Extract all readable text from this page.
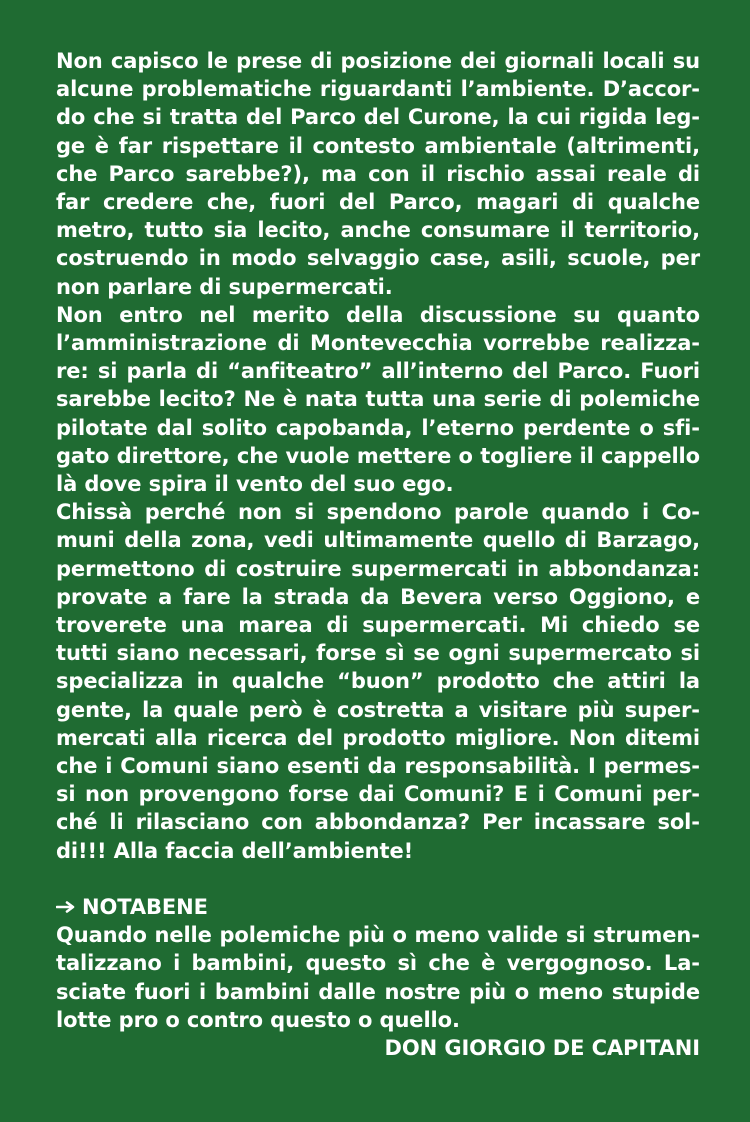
Non capisco le prese di posizione dei giornali locali su alcune problematiche riguardanti l’ambiente. D’accordo che si tratta del Parco del Curone, la cui rigida legge è far rispettare il contesto ambientale (altrimenti, che Parco sarebbe?), ma con il rischio assai reale di far credere che, fuori del Parco, magari di qualche metro, tutto sia lecito, anche consumare il territorio, costruendo in modo selvaggio case, asili, scuole, per non parlare di supermercati.

Non entro nel merito della discussione su quanto l’amministrazione di Montevecchia vorrebbe realizzare: si parla di “anfiteatro” all’interno del Parco. Fuori sarebbe lecito? Ne è nata tutta una serie di polemiche pilotate dal solito capobanda, l’eterno perdente o sfigato direttore, che vuole mettere o togliere il cappello là dove spira il vento del suo ego.

Chissà perché non si spendono parole quando i Comuni della zona, vedi ultimamente quello di Barzago, permettono di costruire supermercati in abbondanza: provate a fare la strada da Bevera verso Oggiono, e troverete una marea di supermercati. Mi chiedo se tutti siano necessari, forse sì se ogni supermercato si specializza in qualche “buon” prodotto che attiri la gente, la quale però è costretta a visitare più supermercati alla ricerca del prodotto migliore. Non ditemi che i Comuni siano esenti da responsabilità. I permessi non provengono forse dai Comuni? E i Comuni perché li rilasciano con abbondanza? Per incassare soldi!!! Alla faccia dell’ambiente!

NOTABENE

Quando nelle polemiche più o meno valide si strumentalizzano i bambini, questo sì che è vergognoso. Lasciate fuori i bambini dalle nostre più o meno stupide lotte pro o contro questo o quello.

DON GIORGIO DE CAPITANI
